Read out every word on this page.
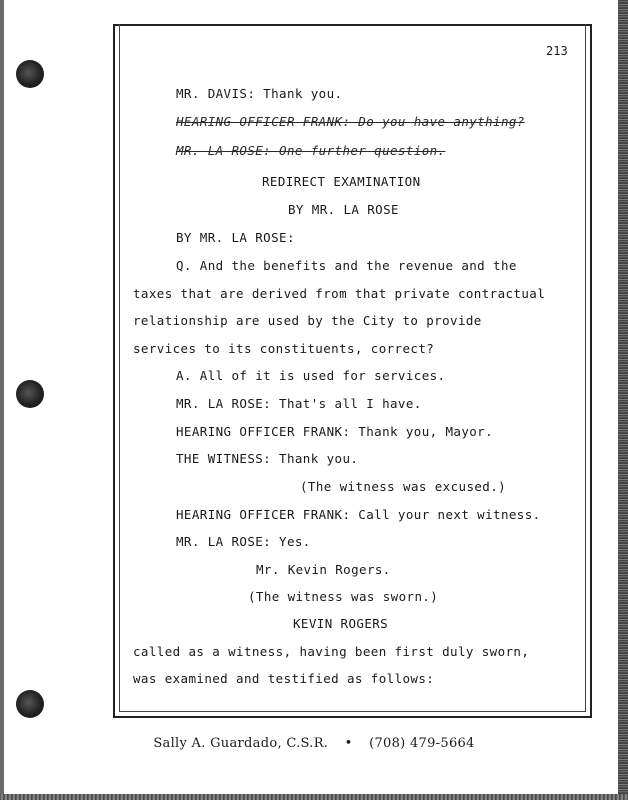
213
MR. DAVIS: Thank you.
HEARING OFFICER FRANK: Do you have anything?
MR. LA ROSE: One further question.
REDIRECT EXAMINATION
BY MR. LA ROSE
BY MR. LA ROSE:
Q. And the benefits and the revenue and the
taxes that are derived from that private contractual
relationship are used by the City to provide
services to its constituents, correct?
A. All of it is used for services.
MR. LA ROSE: That's all I have.
HEARING OFFICER FRANK: Thank you, Mayor.
THE WITNESS: Thank you.
(The witness was excused.)
HEARING OFFICER FRANK: Call your next witness.
MR. LA ROSE: Yes.
Mr. Kevin Rogers.
(The witness was sworn.)
KEVIN ROGERS
called as a witness, having been first duly sworn,
was examined and testified as follows:
Sally A. Guardado, C.S.R. • (708) 479-5664
